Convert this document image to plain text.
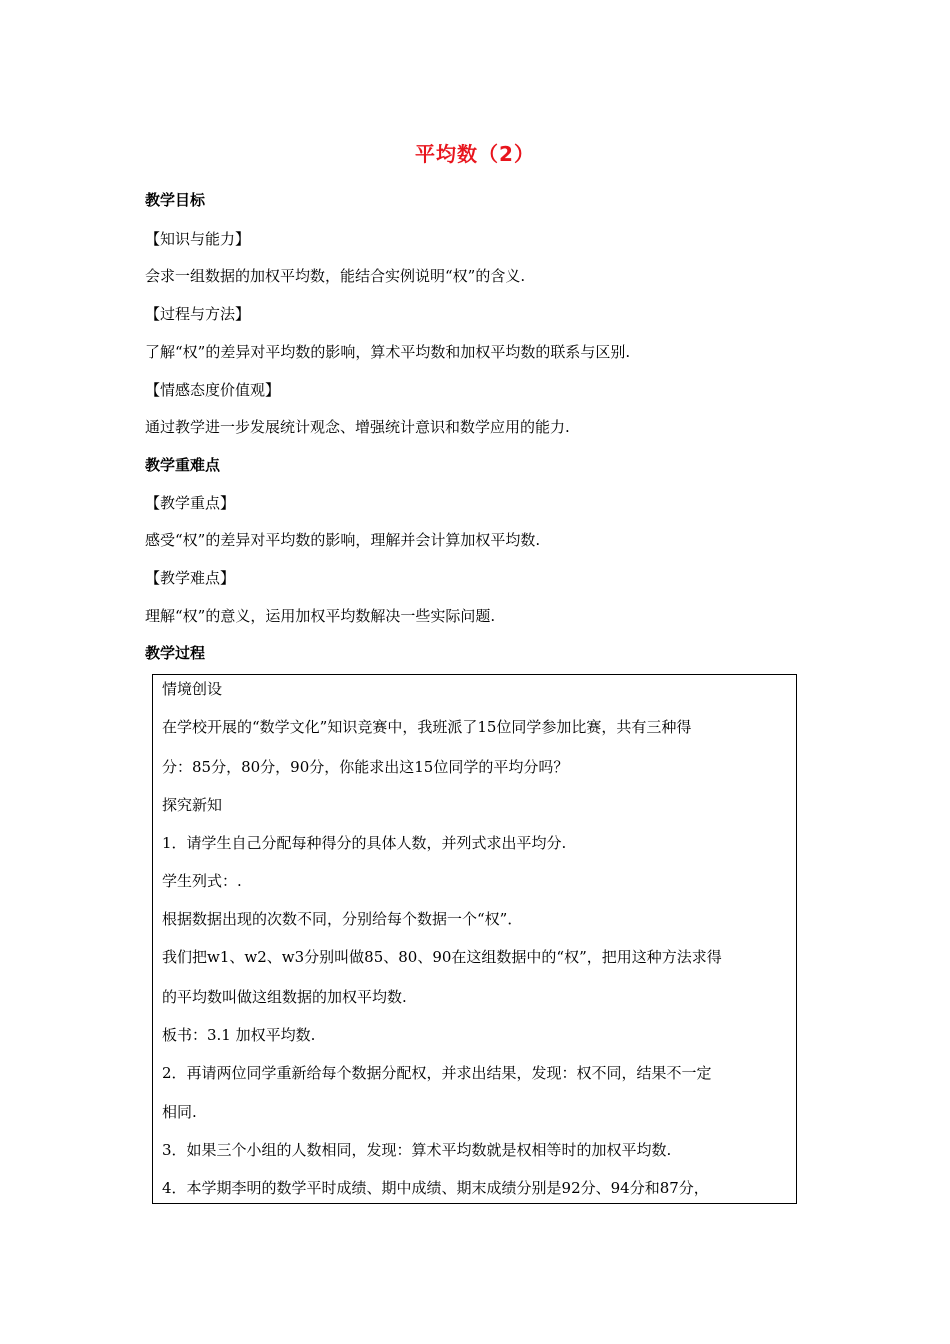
平均数（2）
教学目标
【知识与能力】
会求一组数据的加权平均数，能结合实例说明“权”的含义.
【过程与方法】
了解“权”的差异对平均数的影响，算术平均数和加权平均数的联系与区别.
【情感态度价值观】
通过教学进一步发展统计观念、增强统计意识和数学应用的能力.
教学重难点
【教学重点】
感受“权”的差异对平均数的影响，理解并会计算加权平均数.
【教学难点】
理解“权”的意义，运用加权平均数解决一些实际问题.
教学过程
情境创设
在学校开展的“数学文化”知识竞赛中，我班派了15位同学参加比赛，共有三种得
分：85分，80分，90分，你能求出这15位同学的平均分吗？
探究新知
1．请学生自己分配每种得分的具体人数，并列式求出平均分.
学生列式：.
根据数据出现的次数不同，分别给每个数据一个“权”．
我们把w1、w2、w3分别叫做85、80、90在这组数据中的“权”，把用这种方法求得
的平均数叫做这组数据的加权平均数.
板书：3.1 加权平均数.
2．再请两位同学重新给每个数据分配权，并求出结果，发现：权不同，结果不一定
相同.
3．如果三个小组的人数相同，发现：算术平均数就是权相等时的加权平均数.
4．本学期李明的数学平时成绩、期中成绩、期末成绩分别是92分、94分和87分，
